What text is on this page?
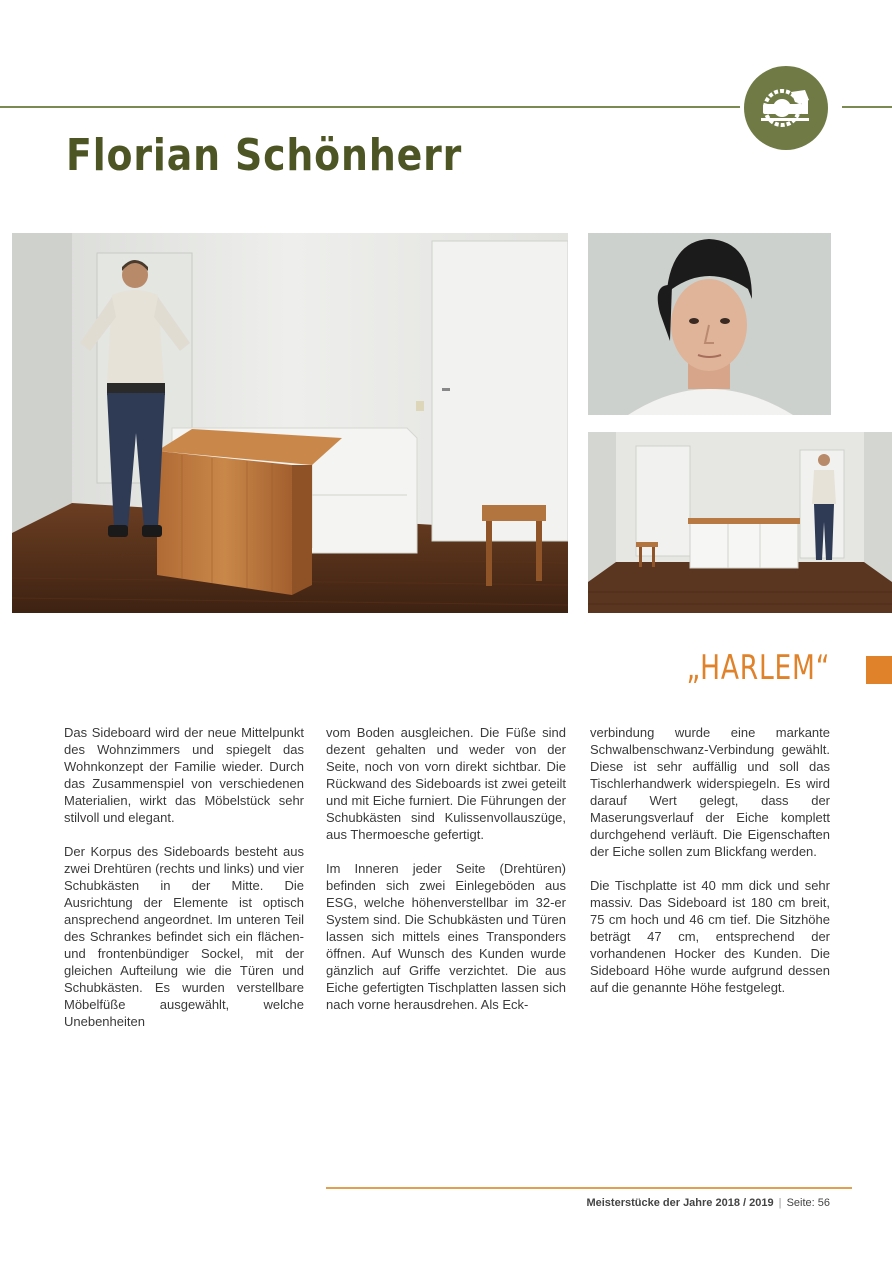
Florian Schönherr
„HARLEM“

Das Sideboard wird der neue Mittelpunkt des Wohnzimmers und spiegelt das Wohnkonzept der Familie wieder. Durch das Zusammenspiel von verschiedenen Materialien, wirkt das Möbelstück sehr stilvoll und elegant.

Der Korpus des Sideboards besteht aus zwei Drehtüren (rechts und links) und vier Schubkästen in der Mitte. Die Ausrichtung der Elemente ist optisch ansprechend angeordnet. Im unteren Teil des Schrankes befindet sich ein flächen- und frontenbündiger Sockel, mit der gleichen Aufteilung wie die Türen und Schubkästen. Es wurden verstellbare Möbelfüße ausgewählt, welche Unebenheiten

vom Boden ausgleichen. Die Füße sind dezent gehalten und weder von der Seite, noch von vorn direkt sichtbar. Die Rückwand des Sideboards ist zwei geteilt und mit Eiche furniert. Die Führungen der Schubkästen sind Kulissenvollauszüge, aus Thermoesche gefertigt.

Im Inneren jeder Seite (Drehtüren) befinden sich zwei Einlegeböden aus ESG, welche höhenverstellbar im 32-er System sind. Die Schubkästen und Türen lassen sich mittels eines Transponders öffnen. Auf Wunsch des Kunden wurde gänzlich auf Griffe verzichtet. Die aus Eiche gefertigten Tischplatten lassen sich nach vorne herausdrehen. Als Eck-

verbindung wurde eine markante Schwalbenschwanz-Verbindung gewählt. Diese ist sehr auffällig und soll das Tischlerhandwerk widerspiegeln. Es wird darauf Wert gelegt, dass der Maserungsverlauf der Eiche komplett durchgehend verläuft. Die Eigenschaften der Eiche sollen zum Blickfang werden.

Die Tischplatte ist 40 mm dick und sehr massiv. Das Sideboard ist 180 cm breit, 75 cm hoch und 46 cm tief. Die Sitzhöhe beträgt 47 cm, entsprechend der vorhandenen Hocker des Kunden. Die Sideboard Höhe wurde aufgrund dessen auf die genannte Höhe festgelegt.

Meisterstücke der Jahre 2018 / 2019 | Seite: 56
